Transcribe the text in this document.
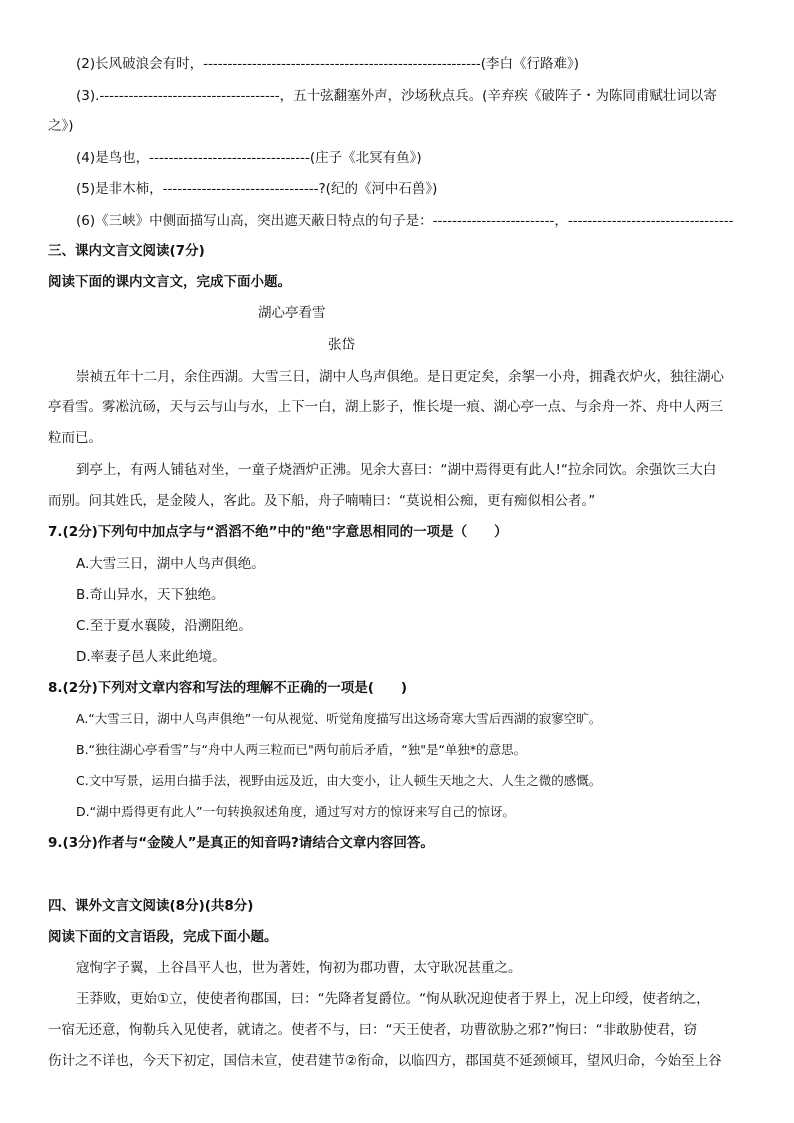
(2)长风破浪会有时，---------------------------------------------------------(李白《行路难》)
(3).-------------------------------------，五十弦翻塞外声，沙场秋点兵。(辛弃疾《破阵子・为陈同甫赋壮词以寄
之》)
(4)是鸟也，---------------------------------(庄子《北冥有鱼》)
(5)是非木柿，--------------------------------?(纪的《河中石兽》)
(6)《三峡》中侧面描写山高，突出遮天蔽日特点的句子是：-------------------------，----------------------------------
三、课内文言文阅读(7分)
阅读下面的课内文言文，完成下面小题。
湖心亭看雪
张岱
崇祯五年十二月，余住西湖。大雪三日，湖中人鸟声俱绝。是日更定矣，余挐一小舟，拥毳衣炉火，独往湖心
亭看雪。雾凇沆砀，天与云与山与水，上下一白，湖上影子，惟长堤一痕、湖心亭一点、与余舟一芥、舟中人两三
粒而已。
到亭上，有两人铺毡对坐，一童子烧酒炉正沸。见余大喜曰：“湖中焉得更有此人!“拉余同饮。余强饮三大白
而别。问其姓氏，是金陵人，客此。及下船，舟子喃喃曰：“莫说相公痴，更有痴似相公者。”
7.(2分)下列句中加点字与“滔滔不绝”中的"绝"字意思相同的一项是（　　）
A.大雪三日，湖中人鸟声俱绝。
B.奇山异水，天下独绝。
C.至于夏水襄陵，沿溯阻绝。
D.率妻子邑人来此绝境。
8.(2分)下列对文章内容和写法的理解不正确的一项是(　　)
A.“大雪三日，湖中人鸟声俱绝”一句从视觉、听觉角度描写出这场奇寒大雪后西湖的寂寥空旷。
B.“独往湖心亭看雪”与“舟中人两三粒而已"两句前后矛盾，“独"是“单独*的意思。
C.文中写景，运用白描手法，视野由远及近，由大变小，让人顿生天地之大、人生之微的感慨。
D.“湖中焉得更有此人”一句转换叙述角度，通过写对方的惊讶来写自己的惊讶。
9.(3分)作者与“金陵人”是真正的知音吗?请结合文章内容回答。
四、课外文言文阅读(8分)(共8分)
阅读下面的文言语段，完成下面小题。
寇恂字子翼，上谷昌平人也，世为著姓，恂初为郡功曹，太守耿况甚重之。
王莽败，更始①立，使使者徇郡国，曰：“先降者复爵位。“恂从耿况迎使者于界上，况上印绶，使者纳之，
一宿无还意，恂勒兵入见使者，就请之。使者不与，曰：“天王使者，功曹欲胁之邪?”恂曰：“非敢胁使君，窃
伤计之不详也，今天下初定，国信未宣，使君建节②衔命，以临四方，郡国莫不延颈倾耳，望风归命，今始至上谷
